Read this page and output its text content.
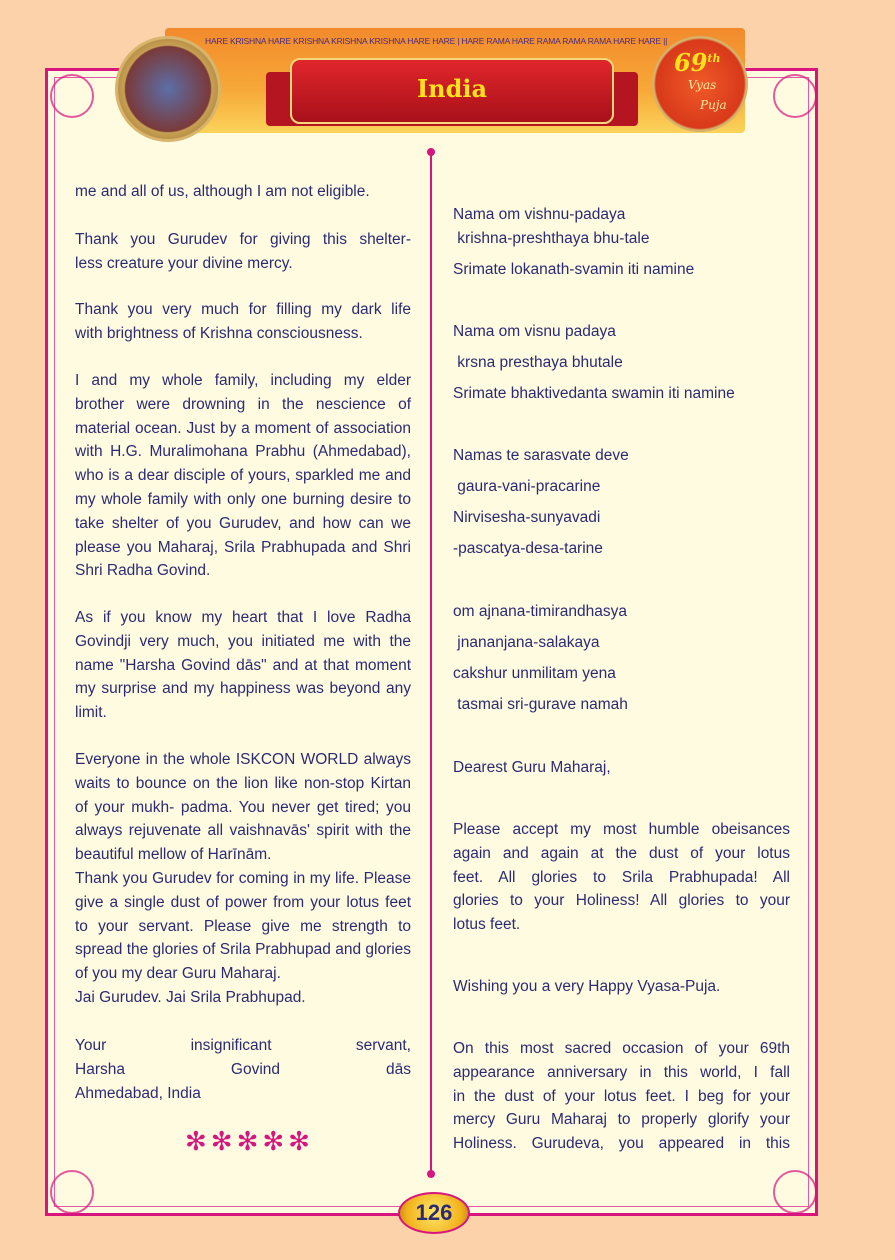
HARE KRISHNA HARE KRISHNA KRISHNA KRISHNA HARE HARE | HARE RAMA HARE RAMA RAMA RAMA HARE HARE ||
India
69th
Vyas
Puja
me and all of us, although I am not eligible.
Thank you Gurudev for giving this shelter-
less creature your divine mercy.
Thank you very much for filling my dark life
with brightness of Krishna consciousness.
I and my whole family, including my elder
brother were drowning in the nescience of
material ocean. Just by a moment of association
with H.G. Muralimohana Prabhu (Ahmedabad),
who is a dear disciple of yours, sparkled me and
my whole family with only one burning desire to
take shelter of you Gurudev, and how can we
please you Maharaj, Srila Prabhupada and Shri
Shri Radha Govind.
As if you know my heart that I love Radha
Govindji very much, you initiated me with the
name "Harsha Govind dās" and at that moment
my surprise and my happiness was beyond any
limit.
Everyone in the whole ISKCON WORLD always
waits to bounce on the lion like non-stop Kirtan
of your mukh- padma. You never get tired; you
always rejuvenate all vaishnavās' spirit with the
beautiful mellow of Harīnām.
Thank you Gurudev for coming in my life. Please
give a single dust of power from your lotus feet
to your servant. Please give me strength to
spread the glories of Srila Prabhupad and glories
of you my dear Guru Maharaj.
Jai Gurudev. Jai Srila Prabhupad.
Your insignificant servant,
Harsha Govind dās
Ahmedabad, India
Nama om vishnu-padaya
krishna-preshthaya bhu-tale
Srimate lokanath-svamin iti namine
Nama om visnu padaya
krsna presthaya bhutale
Srimate bhaktivedanta swamin iti namine
Namas te sarasvate deve
gaura-vani-pracarine
Nirvisesha-sunyavadi
-pascatya-desa-tarine
om ajnana-timirandhasya
jnananjana-salakaya
cakshur unmilitam yena
tasmai sri-gurave namah
Dearest Guru Maharaj,
Please accept my most humble obeisances
again and again at the dust of your lotus
feet. All glories to Srila Prabhupada! All
glories to your Holiness! All glories to your
lotus feet.
Wishing you a very Happy Vyasa-Puja.
On this most sacred occasion of your 69th
appearance anniversary in this world, I fall
in the dust of your lotus feet. I beg for your
mercy Guru Maharaj to properly glorify your
Holiness. Gurudeva, you appeared in this
✻✻✻✻✻
126
